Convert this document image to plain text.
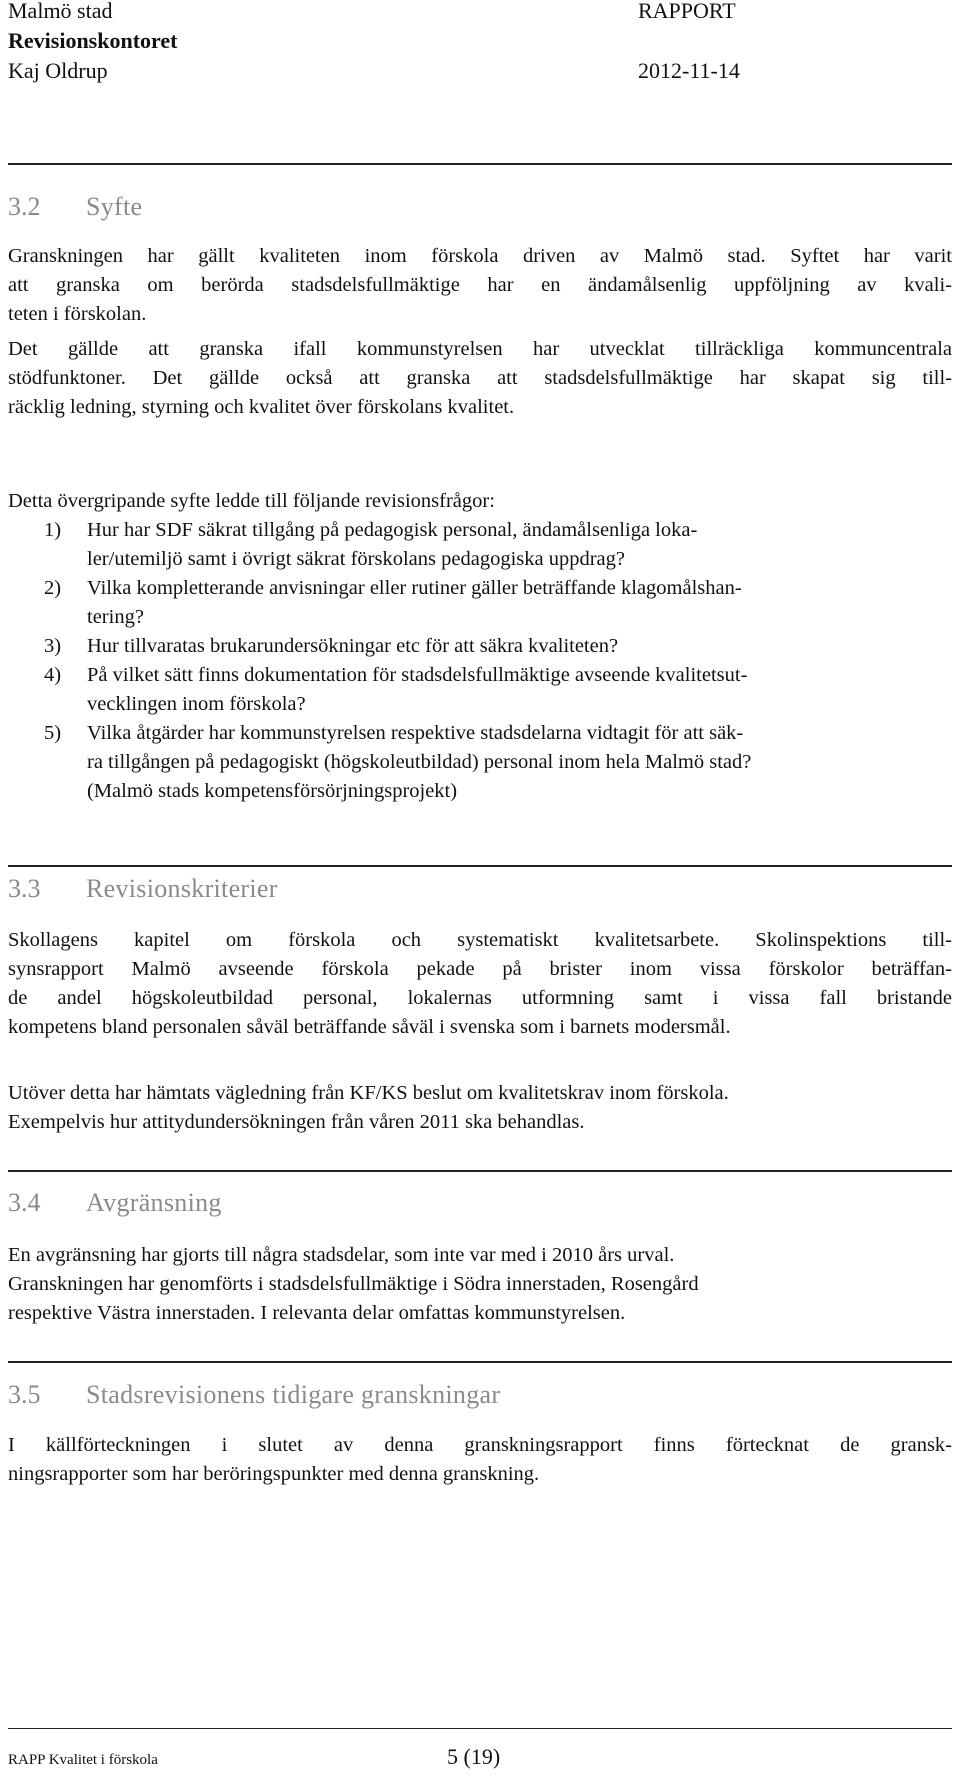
Malmö stad	RAPPORT
Revisionskontoret
Kaj Oldrup	2012-11-14
3.2 Syfte
Granskningen har gällt kvaliteten inom förskola driven av Malmö stad. Syftet har varit
att granska om berörda stadsdelsfullmäktige har en ändamålsenlig uppföljning av kvali-
teten i förskolan.
Det gällde att granska ifall kommunstyrelsen har utvecklat tillräckliga kommuncentrala
stödfunktoner. Det gällde också att granska att stadsdelsfullmäktige har skapat sig till-
räcklig ledning, styrning och kvalitet över förskolans kvalitet.
Detta övergripande syfte ledde till följande revisionsfrågor:
1) Hur har SDF säkrat tillgång på pedagogisk personal, ändamålsenliga loka-
ler/utemiljö samt i övrigt säkrat förskolans pedagogiska uppdrag?
2) Vilka kompletterande anvisningar eller rutiner gäller beträffande klagomålshan-
tering?
3) Hur tillvaratas brukarundersökningar etc för att säkra kvaliteten?
4) På vilket sätt finns dokumentation för stadsdelsfullmäktige avseende kvalitetsut-
vecklingen inom förskola?
5) Vilka åtgärder har kommunstyrelsen respektive stadsdelarna vidtagit för att säk-
ra tillgången på pedagogiskt (högskoleutbildad) personal inom hela Malmö stad?
(Malmö stads kompetensförsörjningsprojekt)
3.3 Revisionskriterier
Skollagens kapitel om förskola och systematiskt kvalitetsarbete. Skolinspektions till-
synsrapport Malmö avseende förskola pekade på brister inom vissa förskolor beträffan-
de andel högskoleutbildad personal, lokalernas utformning samt i vissa fall bristande
kompetens bland personalen såväl beträffande såväl i svenska som i barnets modersmål.
Utöver detta har hämtats vägledning från KF/KS beslut om kvalitetskrav inom förskola.
Exempelvis hur attitydundersökningen från våren 2011 ska behandlas.
3.4 Avgränsning
En avgränsning har gjorts till några stadsdelar, som inte var med i 2010 års urval.
Granskningen har genomförts i stadsdelsfullmäktige i Södra innerstaden, Rosengård
respektive Västra innerstaden. I relevanta delar omfattas kommunstyrelsen.
3.5 Stadsrevisionens tidigare granskningar
I källförteckningen i slutet av denna granskningsrapport finns förtecknat de gransk-
ningsrapporter som har beröringspunkter med denna granskning.
RAPP Kvalitet i förskola	5 (19)
